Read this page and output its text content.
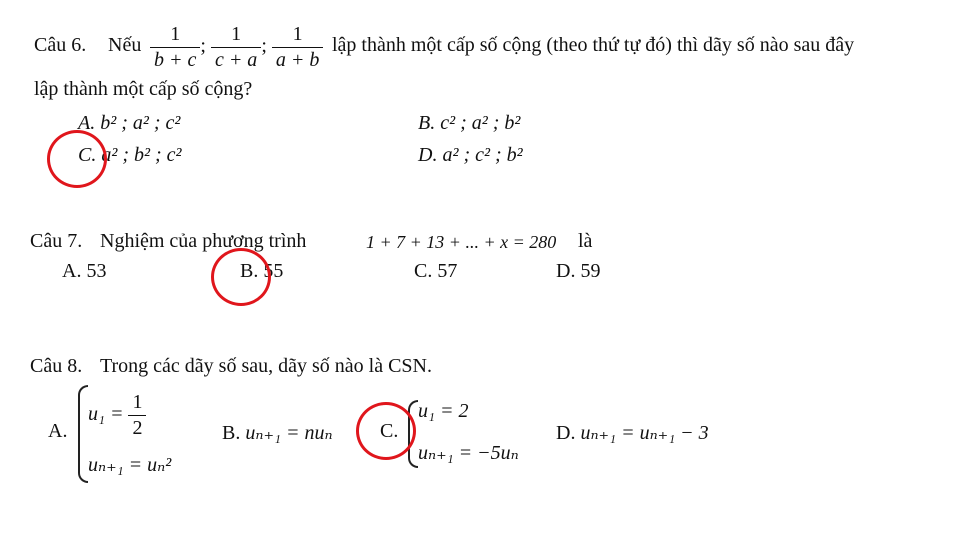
Câu 6. Nếu $\frac{1}{b + c}$ ; $\frac{1}{c + a}$ ; $\frac{1}{a + b}$ lập thành một cấp số cộng (theo thứ tự đó) thì dãy số nào sau đây
lập thành một cấp số cộng?
A. b² ; a² ; c²	B. c² ; a² ; b²
C. a² ; b² ; c²	D. a² ; c² ; b²
Câu 7. Nghiệm của phương trình	1 + 7 + 13 + ... + x = 280 là
A. 53	B. 55	C. 57	D. 59
Câu 8. Trong các dãy số sau, dãy số nào là CSN.
A.
$u_1 = \frac{1}{2}$
uₙ₊₁ = uₙ²
B. uₙ₊₁ = nuₙ C.
u₁ = 2
uₙ₊₁ = −5uₙ
D. uₙ₊₁ = uₙ₊₁ − 3
